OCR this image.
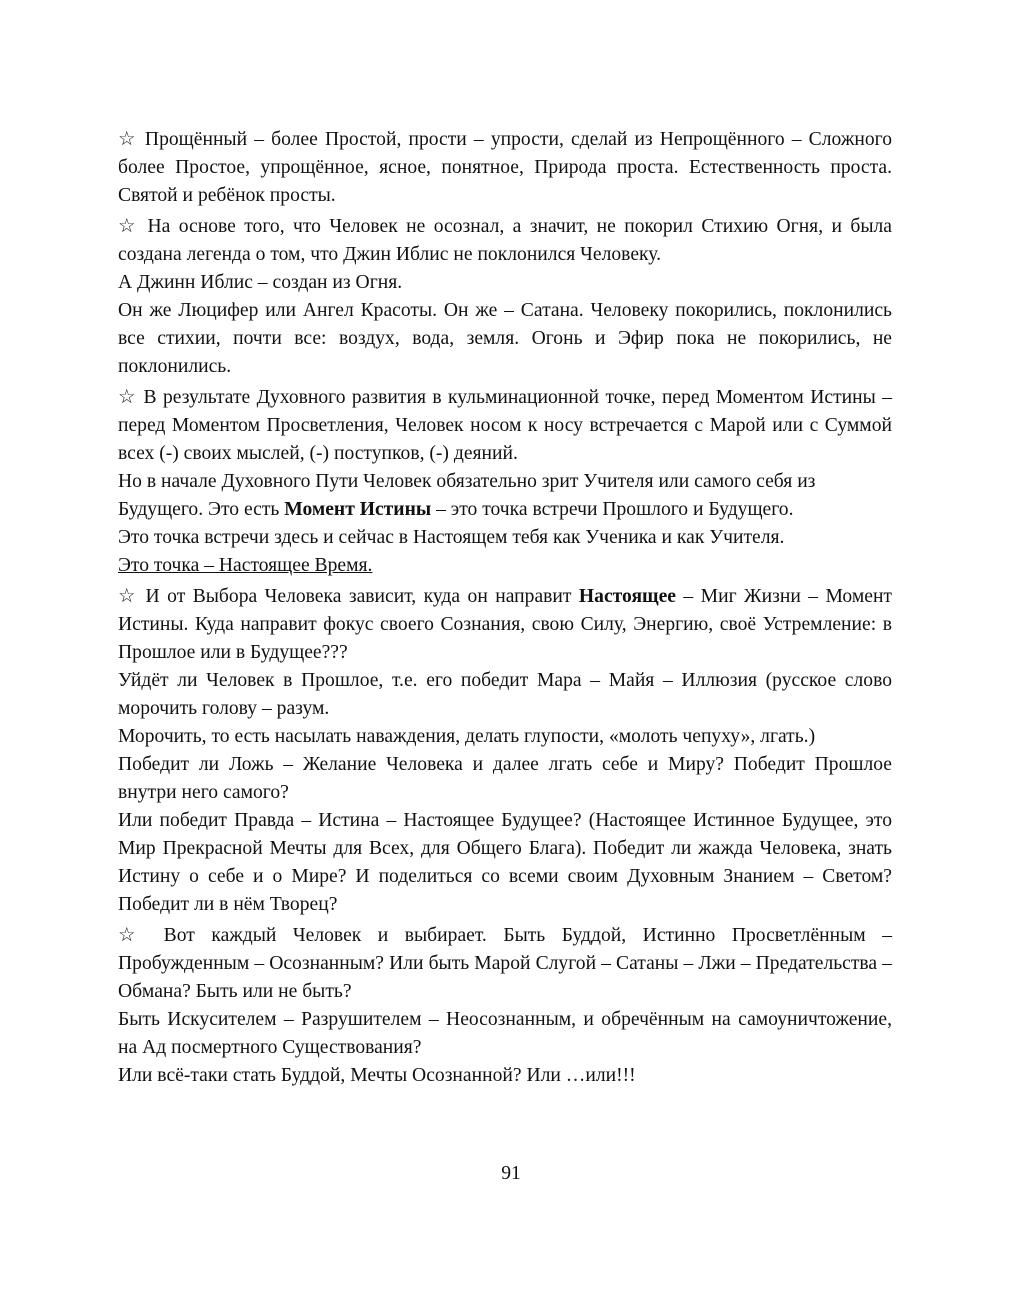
☆ Прощённый – более Простой, прости – упрости, сделай из Непрощённого – Сложного более Простое, упрощённое, ясное, понятное, Природа проста. Естественность проста. Святой и ребёнок просты.

☆ На основе того, что Человек не осознал, а значит, не покорил Стихию Огня, и была создана легенда о том, что Джин Иблис не поклонился Человеку.

А Джинн Иблис – создан из Огня.

Он же Люцифер или Ангел Красоты. Он же – Сатана. Человеку покорились, поклонились все стихии, почти все: воздух, вода, земля. Огонь и Эфир пока не покорились, не поклонились.

☆ В результате Духовного развития в кульминационной точке, перед Моментом Истины – перед Моментом Просветления, Человек носом к носу встречается с Марой или с Суммой всех (-) своих мыслей, (-) поступков, (-) деяний.

Но в начале Духовного Пути Человек обязательно зрит Учителя или самого себя из

Будущего. Это есть Момент Истины – это точка встречи Прошлого и Будущего.

Это точка встречи здесь и сейчас в Настоящем тебя как Ученика и как Учителя.

Это точка – Настоящее Время.

☆ И от Выбора Человека зависит, куда он направит Настоящее – Миг Жизни – Момент Истины. Куда направит фокус своего Сознания, свою Силу, Энергию, своё Устремление: в Прошлое или в Будущее???

Уйдёт ли Человек в Прошлое, т.е. его победит Мара – Майя – Иллюзия (русское слово морочить голову – разум.

Морочить, то есть насылать наваждения, делать глупости, «молоть чепуху», лгать.)

Победит ли Ложь – Желание Человека и далее лгать себе и Миру? Победит Прошлое внутри него самого?

Или победит Правда – Истина – Настоящее Будущее? (Настоящее Истинное Будущее, это Мир Прекрасной Мечты для Всех, для Общего Блага). Победит ли жажда Человека, знать Истину о себе и о Мире? И поделиться со всеми своим Духовным Знанием – Светом? Победит ли в нём Творец?

☆ Вот каждый Человек и выбирает. Быть Буддой, Истинно Просветлённым – Пробужденным – Осознанным? Или быть Марой Слугой – Сатаны – Лжи – Предательства – Обмана? Быть или не быть?

Быть Искусителем – Разрушителем – Неосознанным, и обречённым на самоуничтожение, на Ад посмертного Существования?

Или всё-таки стать Буддой, Мечты Осознанной? Или …или!!!

91
